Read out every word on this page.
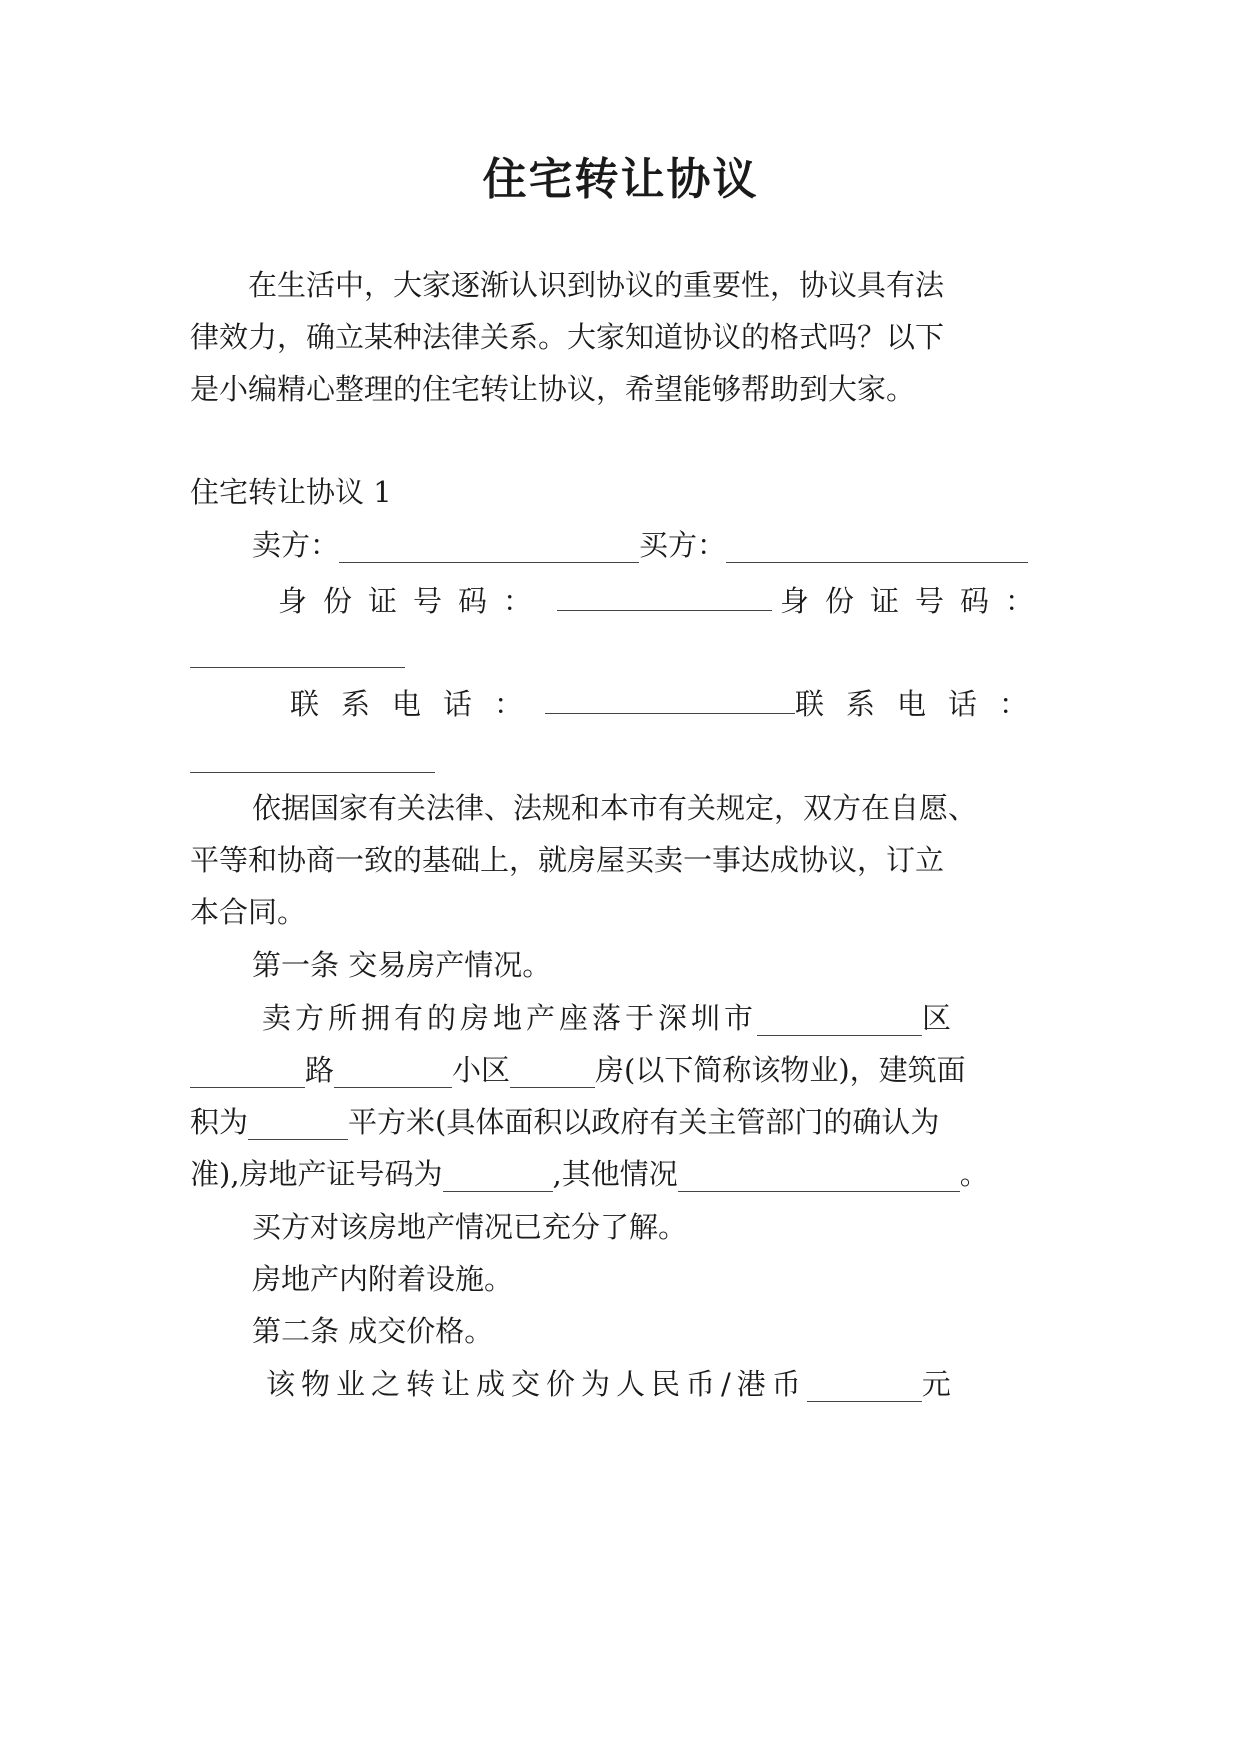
住宅转让协议
在生活中，大家逐渐认识到协议的重要性，协议具有法
律效力，确立某种法律关系。大家知道协议的格式吗？以下
是小编精心整理的住宅转让协议，希望能够帮助到大家。
住宅转让协议 1
卖方：	买方：
身份证号码：	身份证号码：
联系电话：	联系电话：
依据国家有关法律、法规和本市有关规定，双方在自愿、
平等和协商一致的基础上，就房屋买卖一事达成协议，订立
本合同。
第一条 交易房产情况。
卖方所拥有的房地产座落于深圳市	区
路	小区	房(以下简称该物业)，建筑面
积为	平方米(具体面积以政府有关主管部门的确认为
准),房地产证号码为	,其他情况	。
买方对该房地产情况已充分了解。
房地产内附着设施。
第二条 成交价格。
该物业之转让成交价为人民币/港币	元
